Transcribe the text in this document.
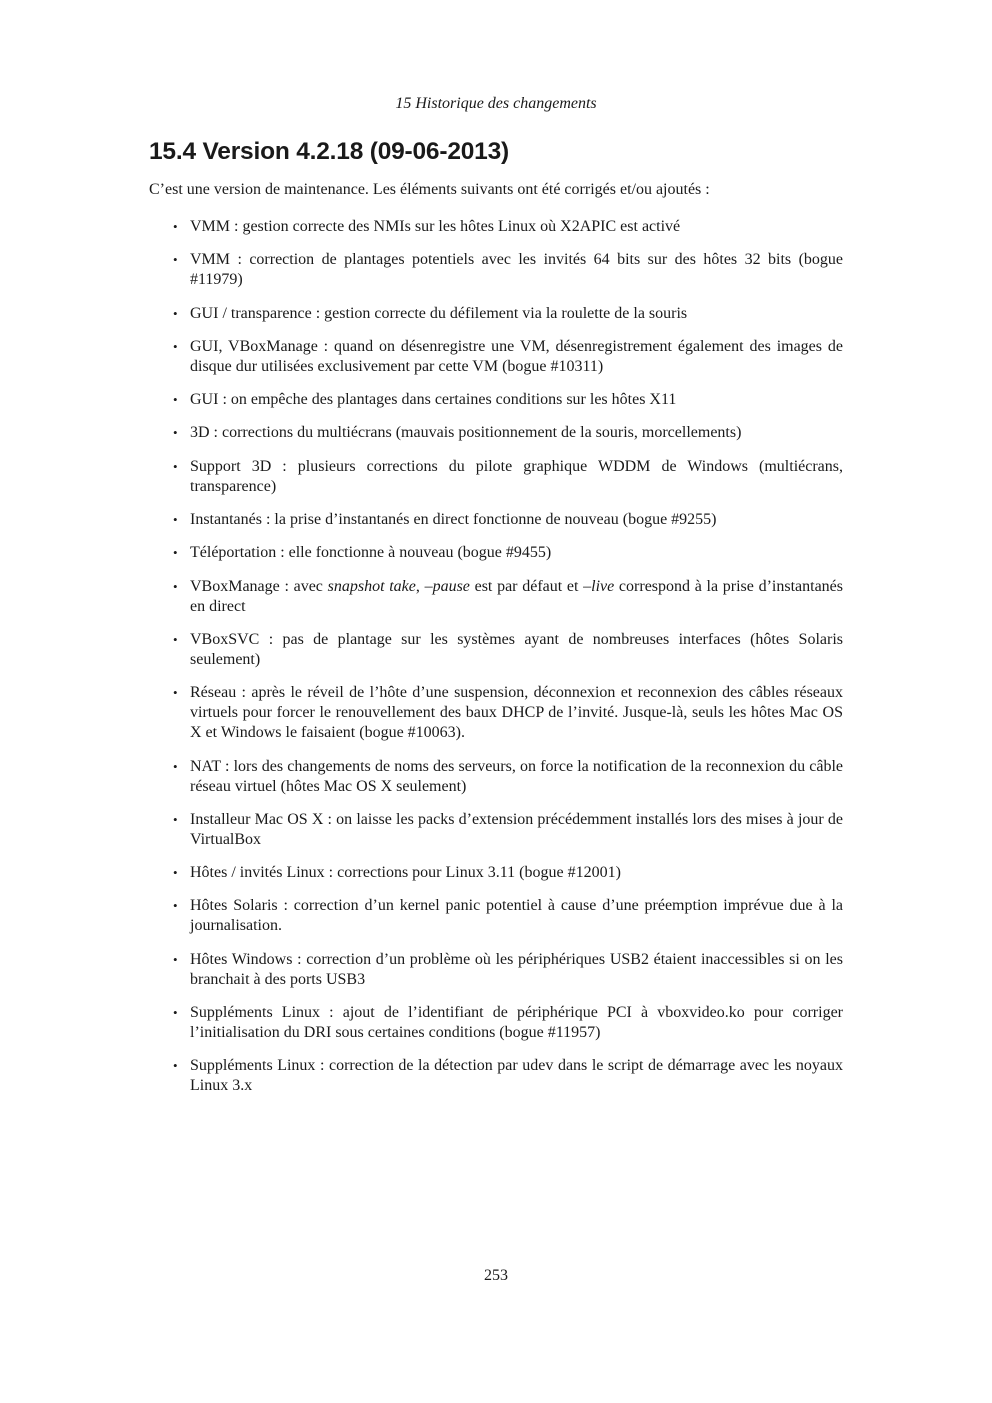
15 Historique des changements
15.4 Version 4.2.18 (09-06-2013)

C’est une version de maintenance. Les éléments suivants ont été corrigés et/ou ajoutés :

• VMM : gestion correcte des NMIs sur les hôtes Linux où X2APIC est activé
• VMM : correction de plantages potentiels avec les invités 64 bits sur des hôtes 32 bits (bogue #11979)
• GUI / transparence : gestion correcte du défilement via la roulette de la souris
• GUI, VBoxManage : quand on désenregistre une VM, désenregistrement également des images de disque dur utilisées exclusivement par cette VM (bogue #10311)
• GUI : on empêche des plantages dans certaines conditions sur les hôtes X11
• 3D : corrections du multiécrans (mauvais positionnement de la souris, morcellements)
• Support 3D : plusieurs corrections du pilote graphique WDDM de Windows (multiécrans, transparence)
• Instantanés : la prise d’instantanés en direct fonctionne de nouveau (bogue #9255)
• Téléportation : elle fonctionne à nouveau (bogue #9455)
• VBoxManage : avec snapshot take, –pause est par défaut et –live correspond à la prise d’instantanés en direct
• VBoxSVC : pas de plantage sur les systèmes ayant de nombreuses interfaces (hôtes Solaris seulement)
• Réseau : après le réveil de l’hôte d’une suspension, déconnexion et reconnexion des câbles réseaux virtuels pour forcer le renouvellement des baux DHCP de l’invité. Jusque-là, seuls les hôtes Mac OS X et Windows le faisaient (bogue #10063).
• NAT : lors des changements de noms des serveurs, on force la notification de la reconnexion du câble réseau virtuel (hôtes Mac OS X seulement)
• Installeur Mac OS X : on laisse les packs d’extension précédemment installés lors des mises à jour de VirtualBox
• Hôtes / invités Linux : corrections pour Linux 3.11 (bogue #12001)
• Hôtes Solaris : correction d’un kernel panic potentiel à cause d’une préemption imprévue due à la journalisation.
• Hôtes Windows : correction d’un problème où les périphériques USB2 étaient inaccessibles si on les branchait à des ports USB3
• Suppléments Linux : ajout de l’identifiant de périphérique PCI à vboxvideo.ko pour corriger l’initialisation du DRI sous certaines conditions (bogue #11957)
• Suppléments Linux : correction de la détection par udev dans le script de démarrage avec les noyaux Linux 3.x
253
